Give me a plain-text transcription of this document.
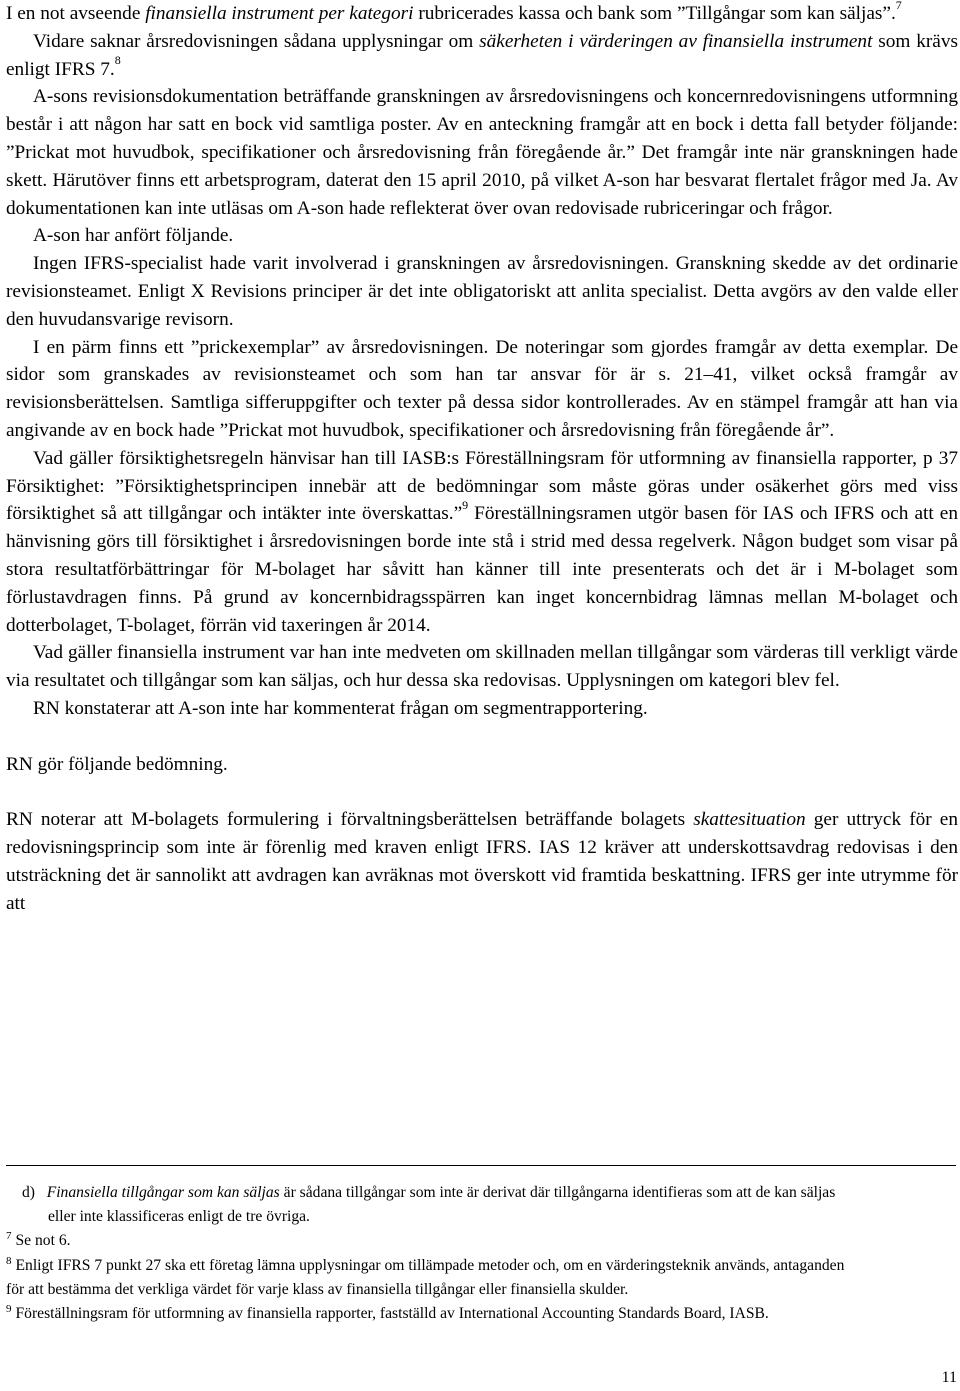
I en not avseende finansiella instrument per kategori rubricerades kassa och bank som ”Tillgångar som kan säljas”.$^7$

Vidare saknar årsredovisningen sådana upplysningar om säkerheten i värderingen av finansiella instrument som krävs enligt IFRS 7.$^8$

A-sons revisionsdokumentation beträffande granskningen av årsredovisningens och koncernredovisningens utformning består i att någon har satt en bock vid samtliga poster. Av en anteckning framgår att en bock i detta fall betyder följande: ”Prickat mot huvudbok, specifikationer och årsredovisning från föregående år.” Det framgår inte när granskningen hade skett. Härutöver finns ett arbetsprogram, daterat den 15 april 2010, på vilket A-son har besvarat flertalet frågor med Ja. Av dokumentationen kan inte utläsas om A-son hade reflekterat över ovan redovisade rubriceringar och frågor.

A-son har anfört följande.

Ingen IFRS-specialist hade varit involverad i granskningen av årsredovisningen. Granskning skedde av det ordinarie revisionsteamet. Enligt X Revisions principer är det inte obligatoriskt att anlita specialist. Detta avgörs av den valde eller den huvudansvarige revisorn.

I en pärm finns ett ”prickexemplar” av årsredovisningen. De noteringar som gjordes framgår av detta exemplar. De sidor som granskades av revisionsteamet och som han tar ansvar för är s. 21–41, vilket också framgår av revisionsberättelsen. Samtliga sifferuppgifter och texter på dessa sidor kontrollerades. Av en stämpel framgår att han via angivande av en bock hade ”Prickat mot huvudbok, specifikationer och årsredovisning från föregående år”.

Vad gäller försiktighetsregeln hänvisar han till IASB:s Föreställningsram för utformning av finansiella rapporter, p 37 Försiktighet: ”Försiktighetsprincipen innebär att de bedömningar som måste göras under osäkerhet görs med viss försiktighet så att tillgångar och intäkter inte överskattas.”$^9$ Föreställningsramen utgör basen för IAS och IFRS och att en hänvisning görs till försiktighet i årsredovisningen borde inte stå i strid med dessa regelverk. Någon budget som visar på stora resultatförbättringar för M-bolaget har såvitt han känner till inte presenterats och det är i M-bolaget som förlustavdragen finns. På grund av koncernbidragsspärren kan inget koncernbidrag lämnas mellan M-bolaget och dotterbolaget, T-bolaget, förrän vid taxeringen år 2014.

Vad gäller finansiella instrument var han inte medveten om skillnaden mellan tillgångar som värderas till verkligt värde via resultatet och tillgångar som kan säljas, och hur dessa ska redovisas. Upplysningen om kategori blev fel.

RN konstaterar att A-son inte har kommenterat frågan om segmentrapportering.

RN gör följande bedömning.

RN noterar att M-bolagets formulering i förvaltningsberättelsen beträffande bolagets skattesituation ger uttryck för en redovisningsprincip som inte är förenlig med kraven enligt IFRS. IAS 12 kräver att underskottsavdrag redovisas i den utsträckning det är sannolikt att avdragen kan avräknas mot överskott vid framtida beskattning. IFRS ger inte utrymme för att

d) Finansiella tillgångar som kan säljas är sådana tillgångar som inte är derivat där tillgångarna identifieras som att de kan säljas eller inte klassificeras enligt de tre övriga.

$^7$ Se not 6.

$^8$ Enligt IFRS 7 punkt 27 ska ett företag lämna upplysningar om tillämpade metoder och, om en värderingsteknik används, antaganden för att bestämma det verkliga värdet för varje klass av finansiella tillgångar eller finansiella skulder.

$^9$ Föreställningsram för utformning av finansiella rapporter, fastställd av International Accounting Standards Board, IASB.

11
